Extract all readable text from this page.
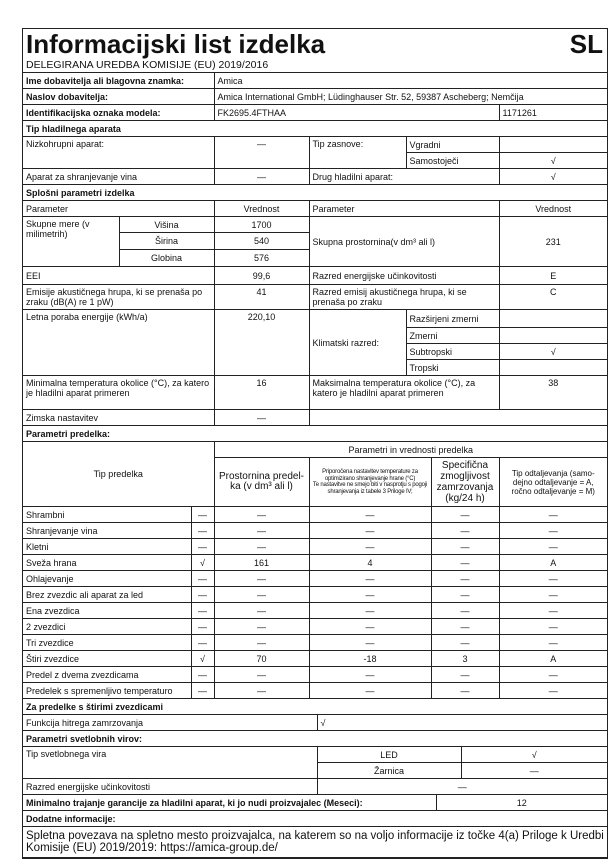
Informacijski list izdelka	SL
DELEGIRANA UREDBA KOMISIJE (EU) 2019/2016
Ime dobavitelja ali blagovna znamka:	Amica	
Naslov dobavitelja:	Amica International GmbH; Lüdinghauser Str. 52, 59387 Ascheberg; Nemčija	
Identifikacijska oznaka modela:	FK2695.4FTHAA	1171261
Tip hladilnega aparata				
Nizkohrupni aparat:	—	Tip zasnove:	Vgradni	
			Samostoječi	√
Aparat za shranjevanje vina	—	Drug hladilni aparat:		√
Splošni parametri izdelka					
Parameter		Vrednost	Parameter		Vrednost
Skupne mere (v milimetrih)	Višina	1700	Skupna prostornina(v dm³ ali l)		231
	Širina	540			
	Globina	576			
EEI		99,6	Razred energijske učinkovitosti		E
Emisije akustičnega hrupa, ki se prenaša po zraku (dB(A) re 1 pW)		41	Razred emisij akustičnega hrupa, ki se prenaša po zraku		C
Letna poraba energije (kWh/a)		220,10	Klimatski razred:	Razširjeni zmerni	
				Zmerni	
				Subtropski	√
				Tropski	
Minimalna temperatura okolice (°C), za katero je hladilni aparat primeren		16	Maksimalna temperatura okolice (°C), za katero je hladilni aparat primeren		38
Zimska nastavitev		—			
Parametri predelka:					
Tip predelka		Parametri in vrednosti predelka			
		Prostornina predel-ka (v dm³ ali l)	Priporočena nastavitev temperature za optimizirano shranjevanje hrane (°C)
Te nastavitve ne smejo biti v nasprotju s pogoji shranjevanja iz tabele 3 Priloge IV;	Specifična zmogljivost zamrzovanja (kg/24 h)	Tip odtaljevanja (samo-dejno odtaljevanje = A, ročno odtaljevanje = M)
Shrambni	—	—	—	—	—
Shranjevanje vina	—	—	—	—	—
Kletni	—	—	—	—	—
Sveža hrana	√	161	4	—	A
Ohlajevanje	—	—	—	—	—
Brez zvezdic ali aparat za led	—	—	—	—	—
Ena zvezdica	—	—	—	—	—
2 zvezdici	—	—	—	—	—
Tri zvezdice	—	—	—	—	—
Štiri zvezdice	√	70	-18	3	A
Predel z dvema zvezdicama	—	—	—	—	—
Predelek s spremenljivo temperaturo	—	—	—	—	—
Za predelke s štirimi zvezdicami
Funkcija hitrega zamrzovanja	√
Parametri svetlobnih virov:		
Tip svetlobnega vira	LED	√
	Žarnica	—
Razred energijske učinkovitosti	—	
Minimalno trajanje garancije za hladilni aparat, ki jo nudi proizvajalec (Meseci):	12
Dodatne informacije:
Spletna povezava na spletno mesto proizvajalca, na katerem so na voljo informacije iz točke 4(a) Priloge k Uredbi Komisije (EU) 2019/2019: https://amica-group.de/
